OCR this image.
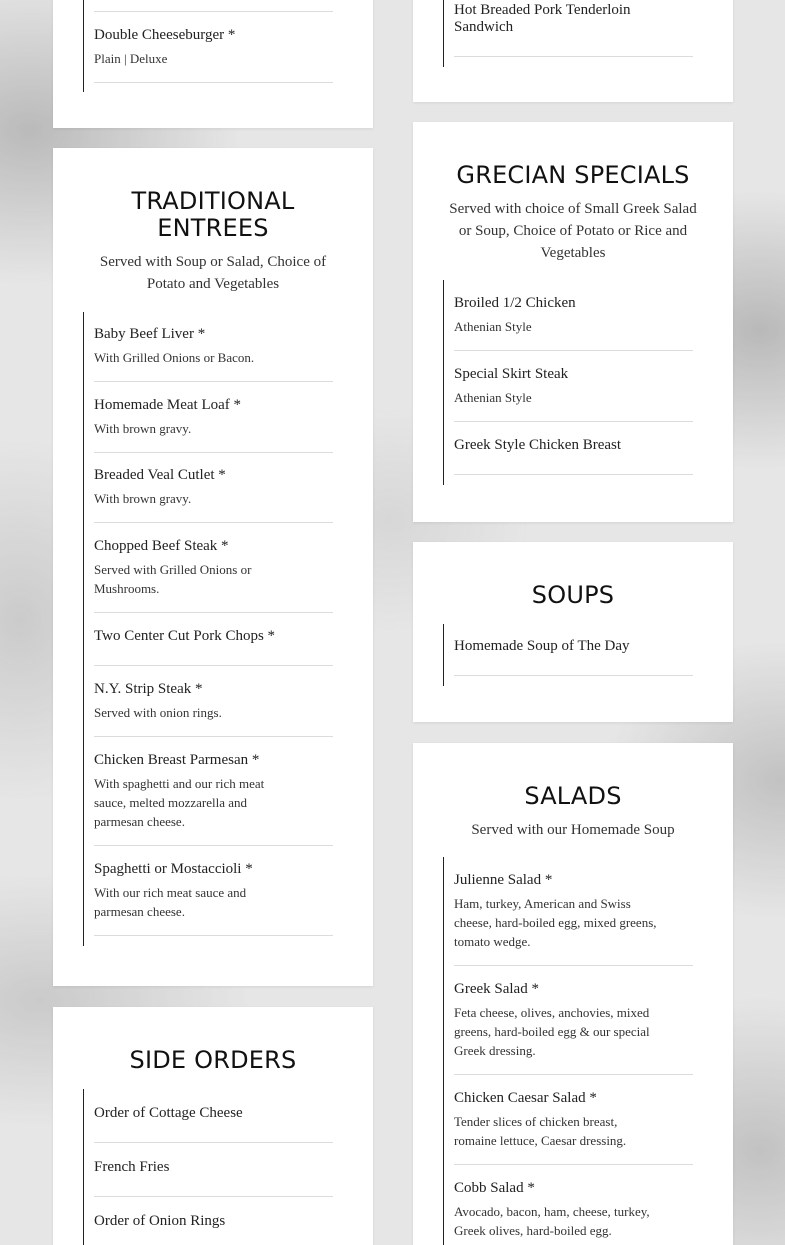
Double Cheeseburger *
Plain | Deluxe
TRADITIONAL ENTREES
Served with Soup or Salad, Choice of Potato and Vegetables
Baby Beef Liver *
With Grilled Onions or Bacon.
Homemade Meat Loaf *
With brown gravy.
Breaded Veal Cutlet *
With brown gravy.
Chopped Beef Steak *
Served with Grilled Onions or Mushrooms.
Two Center Cut Pork Chops *
N.Y. Strip Steak *
Served with onion rings.
Chicken Breast Parmesan *
With spaghetti and our rich meat sauce, melted mozzarella and parmesan cheese.
Spaghetti or Mostaccioli *
With our rich meat sauce and parmesan cheese.
SIDE ORDERS
Order of Cottage Cheese
French Fries
Order of Onion Rings
Hot Breaded Pork Tenderloin Sandwich
GRECIAN SPECIALS
Served with choice of Small Greek Salad or Soup, Choice of Potato or Rice and Vegetables
Broiled 1/2 Chicken
Athenian Style
Special Skirt Steak
Athenian Style
Greek Style Chicken Breast
SOUPS
Homemade Soup of The Day
SALADS
Served with our Homemade Soup
Julienne Salad *
Ham, turkey, American and Swiss cheese, hard-boiled egg, mixed greens, tomato wedge.
Greek Salad *
Feta cheese, olives, anchovies, mixed greens, hard-boiled egg & our special Greek dressing.
Chicken Caesar Salad *
Tender slices of chicken breast, romaine lettuce, Caesar dressing.
Cobb Salad *
Avocado, bacon, ham, cheese, turkey, Greek olives, hard-boiled egg.
